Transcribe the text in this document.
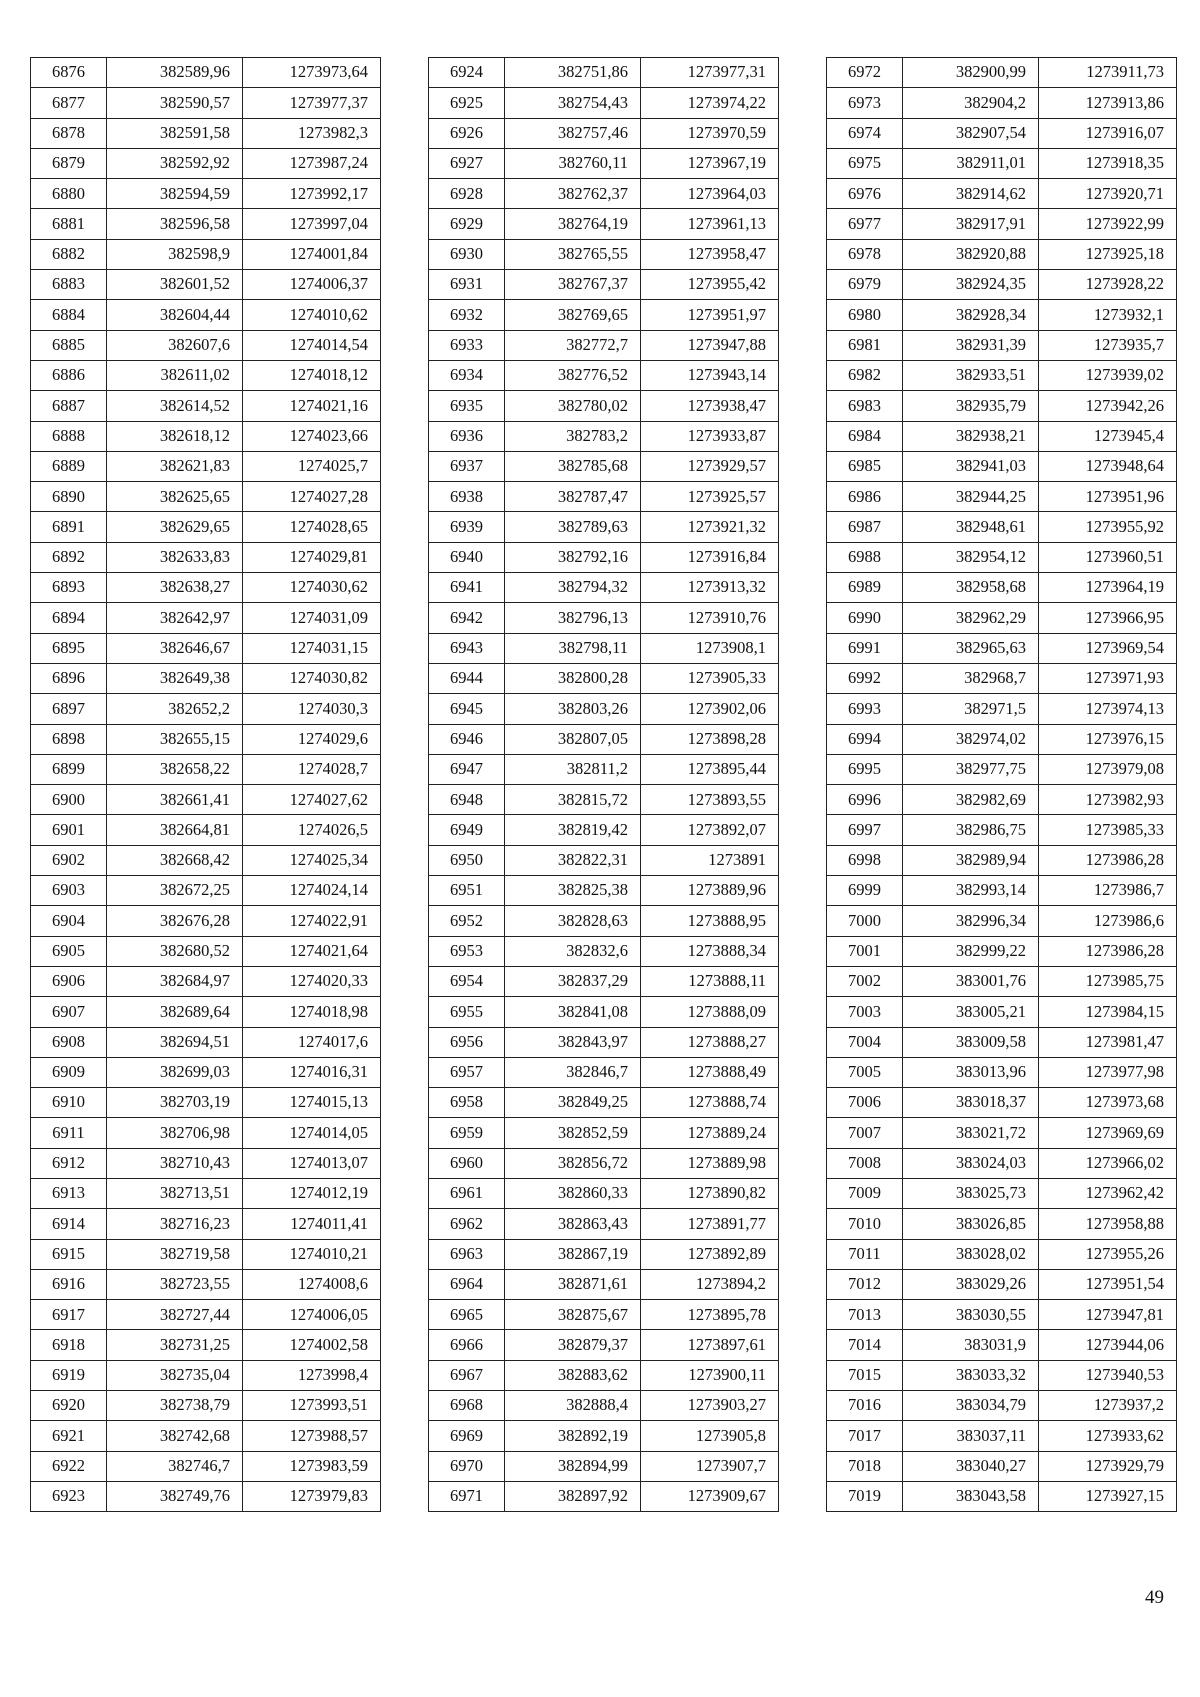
6876	382589,96	1273973,64
6877	382590,57	1273977,37
6878	382591,58	1273982,3
6879	382592,92	1273987,24
6880	382594,59	1273992,17
6881	382596,58	1273997,04
6882	382598,9	1274001,84
6883	382601,52	1274006,37
6884	382604,44	1274010,62
6885	382607,6	1274014,54
6886	382611,02	1274018,12
6887	382614,52	1274021,16
6888	382618,12	1274023,66
6889	382621,83	1274025,7
6890	382625,65	1274027,28
6891	382629,65	1274028,65
6892	382633,83	1274029,81
6893	382638,27	1274030,62
6894	382642,97	1274031,09
6895	382646,67	1274031,15
6896	382649,38	1274030,82
6897	382652,2	1274030,3
6898	382655,15	1274029,6
6899	382658,22	1274028,7
6900	382661,41	1274027,62
6901	382664,81	1274026,5
6902	382668,42	1274025,34
6903	382672,25	1274024,14
6904	382676,28	1274022,91
6905	382680,52	1274021,64
6906	382684,97	1274020,33
6907	382689,64	1274018,98
6908	382694,51	1274017,6
6909	382699,03	1274016,31
6910	382703,19	1274015,13
6911	382706,98	1274014,05
6912	382710,43	1274013,07
6913	382713,51	1274012,19
6914	382716,23	1274011,41
6915	382719,58	1274010,21
6916	382723,55	1274008,6
6917	382727,44	1274006,05
6918	382731,25	1274002,58
6919	382735,04	1273998,4
6920	382738,79	1273993,51
6921	382742,68	1273988,57
6922	382746,7	1273983,59
6923	382749,76	1273979,83
6924	382751,86	1273977,31
6925	382754,43	1273974,22
6926	382757,46	1273970,59
6927	382760,11	1273967,19
6928	382762,37	1273964,03
6929	382764,19	1273961,13
6930	382765,55	1273958,47
6931	382767,37	1273955,42
6932	382769,65	1273951,97
6933	382772,7	1273947,88
6934	382776,52	1273943,14
6935	382780,02	1273938,47
6936	382783,2	1273933,87
6937	382785,68	1273929,57
6938	382787,47	1273925,57
6939	382789,63	1273921,32
6940	382792,16	1273916,84
6941	382794,32	1273913,32
6942	382796,13	1273910,76
6943	382798,11	1273908,1
6944	382800,28	1273905,33
6945	382803,26	1273902,06
6946	382807,05	1273898,28
6947	382811,2	1273895,44
6948	382815,72	1273893,55
6949	382819,42	1273892,07
6950	382822,31	1273891
6951	382825,38	1273889,96
6952	382828,63	1273888,95
6953	382832,6	1273888,34
6954	382837,29	1273888,11
6955	382841,08	1273888,09
6956	382843,97	1273888,27
6957	382846,7	1273888,49
6958	382849,25	1273888,74
6959	382852,59	1273889,24
6960	382856,72	1273889,98
6961	382860,33	1273890,82
6962	382863,43	1273891,77
6963	382867,19	1273892,89
6964	382871,61	1273894,2
6965	382875,67	1273895,78
6966	382879,37	1273897,61
6967	382883,62	1273900,11
6968	382888,4	1273903,27
6969	382892,19	1273905,8
6970	382894,99	1273907,7
6971	382897,92	1273909,67
6972	382900,99	1273911,73
6973	382904,2	1273913,86
6974	382907,54	1273916,07
6975	382911,01	1273918,35
6976	382914,62	1273920,71
6977	382917,91	1273922,99
6978	382920,88	1273925,18
6979	382924,35	1273928,22
6980	382928,34	1273932,1
6981	382931,39	1273935,7
6982	382933,51	1273939,02
6983	382935,79	1273942,26
6984	382938,21	1273945,4
6985	382941,03	1273948,64
6986	382944,25	1273951,96
6987	382948,61	1273955,92
6988	382954,12	1273960,51
6989	382958,68	1273964,19
6990	382962,29	1273966,95
6991	382965,63	1273969,54
6992	382968,7	1273971,93
6993	382971,5	1273974,13
6994	382974,02	1273976,15
6995	382977,75	1273979,08
6996	382982,69	1273982,93
6997	382986,75	1273985,33
6998	382989,94	1273986,28
6999	382993,14	1273986,7
7000	382996,34	1273986,6
7001	382999,22	1273986,28
7002	383001,76	1273985,75
7003	383005,21	1273984,15
7004	383009,58	1273981,47
7005	383013,96	1273977,98
7006	383018,37	1273973,68
7007	383021,72	1273969,69
7008	383024,03	1273966,02
7009	383025,73	1273962,42
7010	383026,85	1273958,88
7011	383028,02	1273955,26
7012	383029,26	1273951,54
7013	383030,55	1273947,81
7014	383031,9	1273944,06
7015	383033,32	1273940,53
7016	383034,79	1273937,2
7017	383037,11	1273933,62
7018	383040,27	1273929,79
7019	383043,58	1273927,15
49
